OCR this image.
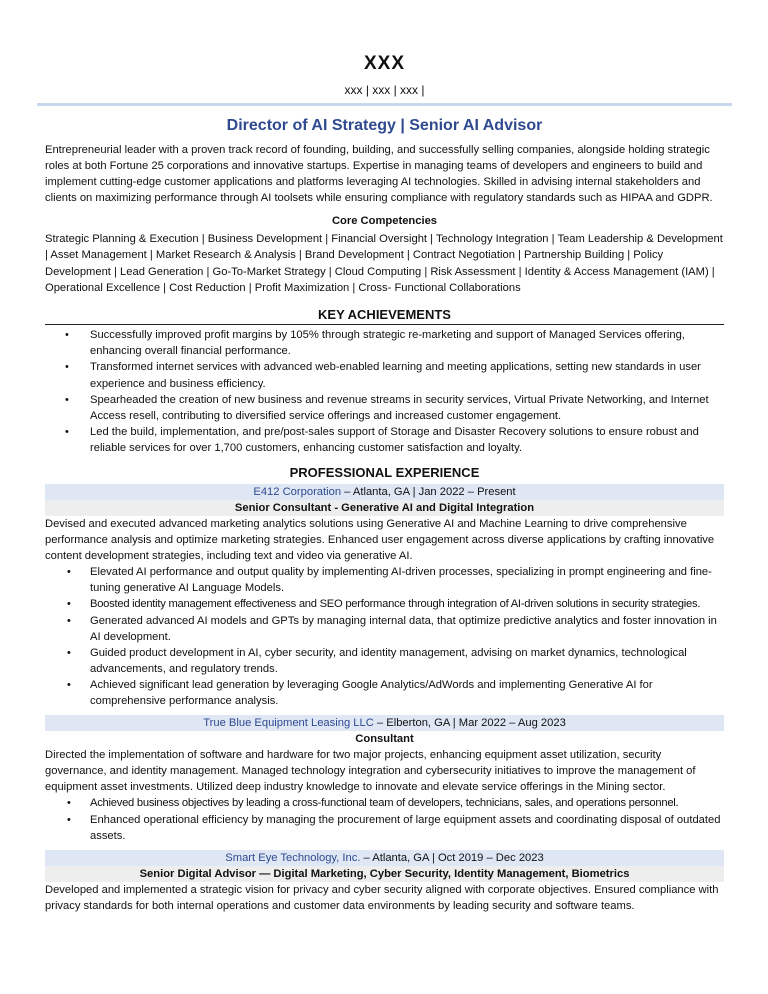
XXX
xxx | xxx | xxx |
Director of AI Strategy | Senior AI Advisor

Entrepreneurial leader with a proven track record of founding, building, and successfully selling companies, alongside holding strategic roles at both Fortune 25 corporations and innovative startups. Expertise in managing teams of developers and engineers to build and implement cutting-edge customer applications and platforms leveraging AI technologies. Skilled in advising internal stakeholders and clients on maximizing performance through AI toolsets while ensuring compliance with regulatory standards such as HIPAA and GDPR.

Core Competencies

Strategic Planning & Execution | Business Development | Financial Oversight | Technology Integration | Team Leadership & Development | Asset Management | Market Research & Analysis | Brand Development | Contract Negotiation | Partnership Building | Policy Development | Lead Generation | Go-To-Market Strategy | Cloud Computing | Risk Assessment | Identity & Access Management (IAM) | Operational Excellence | Cost Reduction | Profit Maximization | Cross- Functional Collaborations

KEY ACHIEVEMENTS
• Successfully improved profit margins by 105% through strategic re-marketing and support of Managed Services offering, enhancing overall financial performance.
• Transformed internet services with advanced web-enabled learning and meeting applications, setting new standards in user experience and business efficiency.
• Spearheaded the creation of new business and revenue streams in security services, Virtual Private Networking, and Internet Access resell, contributing to diversified service offerings and increased customer engagement.
• Led the build, implementation, and pre/post-sales support of Storage and Disaster Recovery solutions to ensure robust and reliable services for over 1,700 customers, enhancing customer satisfaction and loyalty.
PROFESSIONAL EXPERIENCE
E412 Corporation – Atlanta, GA | Jan 2022 – Present
Senior Consultant - Generative AI and Digital Integration

Devised and executed advanced marketing analytics solutions using Generative AI and Machine Learning to drive comprehensive performance analysis and optimize marketing strategies. Enhanced user engagement across diverse applications by crafting innovative content development strategies, including text and video via generative AI.

• Elevated AI performance and output quality by implementing AI-driven processes, specializing in prompt engineering and fine-tuning generative AI Language Models.
• Boosted identity management effectiveness and SEO performance through integration of AI-driven solutions in security strategies.
• Generated advanced AI models and GPTs by managing internal data, that optimize predictive analytics and foster innovation in AI development.
• Guided product development in AI, cyber security, and identity management, advising on market dynamics, technological advancements, and regulatory trends.
• Achieved significant lead generation by leveraging Google Analytics/AdWords and implementing Generative AI for comprehensive performance analysis.
True Blue Equipment Leasing LLC – Elberton, GA | Mar 2022 – Aug 2023
Consultant

Directed the implementation of software and hardware for two major projects, enhancing equipment asset utilization, security governance, and identity management. Managed technology integration and cybersecurity initiatives to improve the management of equipment asset investments. Utilized deep industry knowledge to innovate and elevate service offerings in the Mining sector.

• Achieved business objectives by leading a cross-functional team of developers, technicians, sales, and operations personnel.
• Enhanced operational efficiency by managing the procurement of large equipment assets and coordinating disposal of outdated assets.
Smart Eye Technology, Inc. – Atlanta, GA | Oct 2019 – Dec 2023
Senior Digital Advisor — Digital Marketing, Cyber Security, Identity Management, Biometrics

Developed and implemented a strategic vision for privacy and cyber security aligned with corporate objectives. Ensured compliance with privacy standards for both internal operations and customer data environments by leading security and software teams.
